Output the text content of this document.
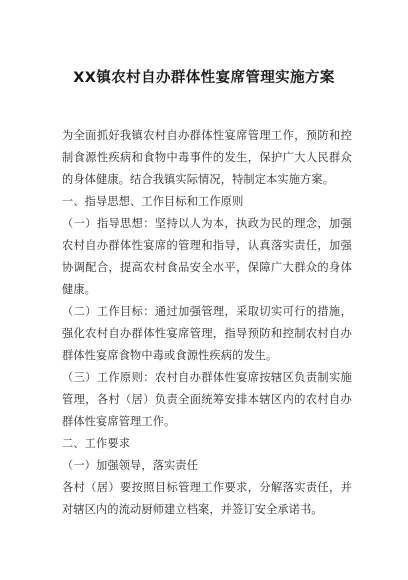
XX镇农村自办群体性宴席管理实施方案
为全面抓好我镇农村自办群体性宴席管理工作，预防和控
制食源性疾病和食物中毒事件的发生，保护广大人民群众
的身体健康。结合我镇实际情况，特制定本实施方案。
一、指导思想、工作目标和工作原则
（一）指导思想：坚持以人为本，执政为民的理念，加强
农村自办群体性宴席的管理和指导，认真落实责任，加强
协调配合，提高农村食品安全水平，保障广大群众的身体
健康。
（二）工作目标：通过加强管理，采取切实可行的措施，
强化农村自办群体性宴席管理，指导预防和控制农村自办
群体性宴席食物中毒或食源性疾病的发生。
（三）工作原则：农村自办群体性宴席按辖区负责制实施
管理，各村（居）负责全面统筹安排本辖区内的农村自办
群体性宴席管理工作。
二、工作要求
（一）加强领导，落实责任
各村（居）要按照目标管理工作要求，分解落实责任，并
对辖区内的流动厨师建立档案，并签订安全承诺书。
